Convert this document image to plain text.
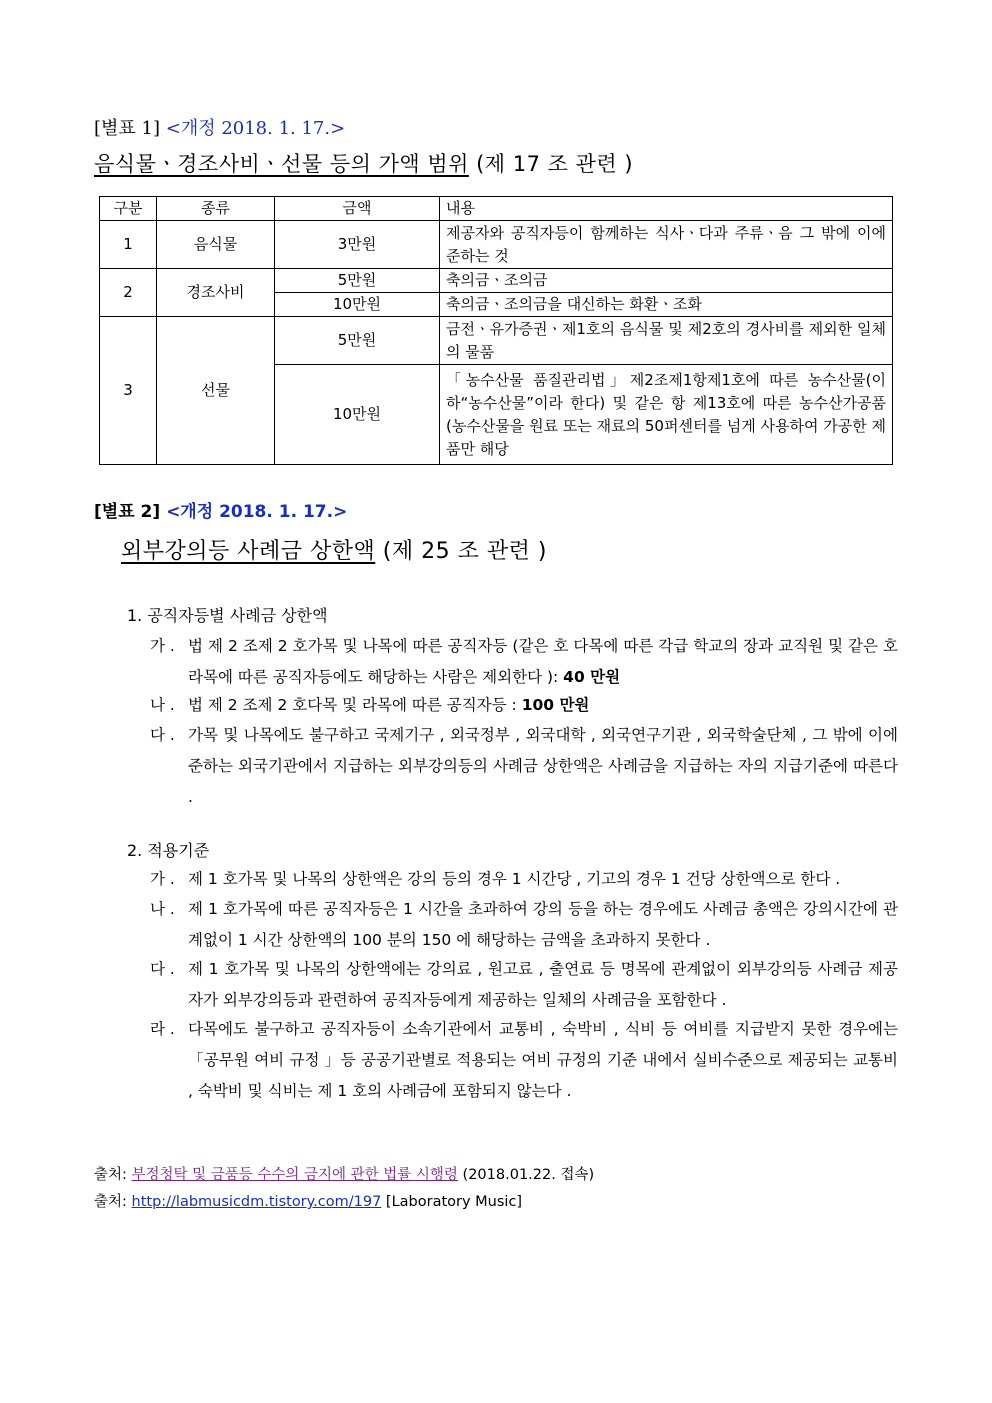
[별표 1] <개정 2018. 1. 17.>
음식물ㆍ경조사비ㆍ선물 등의 가액 범위 (제 17 조 관련 )
구분	종류	금액	내용
1	음식물	3만원	제공자와 공직자등이 함께하는 식사ㆍ다과 주류ㆍ음 그 밖에 이에 준하는 것
2	경조사비	5만원	축의금ㆍ조의금
		10만원	축의금ㆍ조의금을 대신하는 화환ㆍ조화
3	선물	5만원	금전ㆍ유가증권ㆍ제1호의 음식물 및 제2호의 경사비를 제외한 일체의 물품
		10만원	「농수산물 품질관리법」제2조제1항제1호에 따른 농수산물(이하“농수산물”이라 한다) 및 같은 항 제13호에 따른 농수산가공품(농수산물을 원료 또는 재료의 50퍼센터를 넘게 사용하여 가공한 제품만 해당
[별표 2] <개정 2018. 1. 17.>
외부강의등 사례금 상한액 (제 25 조 관련 )
1. 공직자등별 사례금 상한액
가 . 법 제 2 조제 2 호가목 및 나목에 따른 공직자등 (같은 호 다목에 따른 각급 학교의 장과 교직원 및 같은 호 라목에 따른 공직자등에도 해당하는 사람은 제외한다 ): 40 만원
나 . 법 제 2 조제 2 호다목 및 라목에 따른 공직자등 : 100 만원
다 . 가목 및 나목에도 불구하고 국제기구 , 외국정부 , 외국대학 , 외국연구기관 , 외국학술단체 , 그 밖에 이에 준하는 외국기관에서 지급하는 외부강의등의 사례금 상한액은 사례금을 지급하는 자의 지급기준에 따른다 .
2. 적용기준
가 . 제 1 호가목 및 나목의 상한액은 강의 등의 경우 1 시간당 , 기고의 경우 1 건당 상한액으로 한다 .
나 . 제 1 호가목에 따른 공직자등은 1 시간을 초과하여 강의 등을 하는 경우에도 사례금 총액은 강의시간에 관계없이 1 시간 상한액의 100 분의 150 에 해당하는 금액을 초과하지 못한다 .
다 . 제 1 호가목 및 나목의 상한액에는 강의료 , 원고료 , 출연료 등 명목에 관계없이 외부강의등 사례금 제공자가 외부강의등과 관련하여 공직자등에게 제공하는 일체의 사례금을 포함한다 .
라 . 다목에도 불구하고 공직자등이 소속기관에서 교통비 , 숙박비 , 식비 등 여비를 지급받지 못한 경우에는「공무원 여비 규정 」등 공공기관별로 적용되는 여비 규정의 기준 내에서 실비수준으로 제공되는 교통비 , 숙박비 및 식비는 제 1 호의 사례금에 포함되지 않는다 .
출처: 부정청탁 및 금품등 수수의 금지에 관한 법률 시행령 (2018.01.22. 접속)
출처: http://labmusicdm.tistory.com/197 [Laboratory Music]
